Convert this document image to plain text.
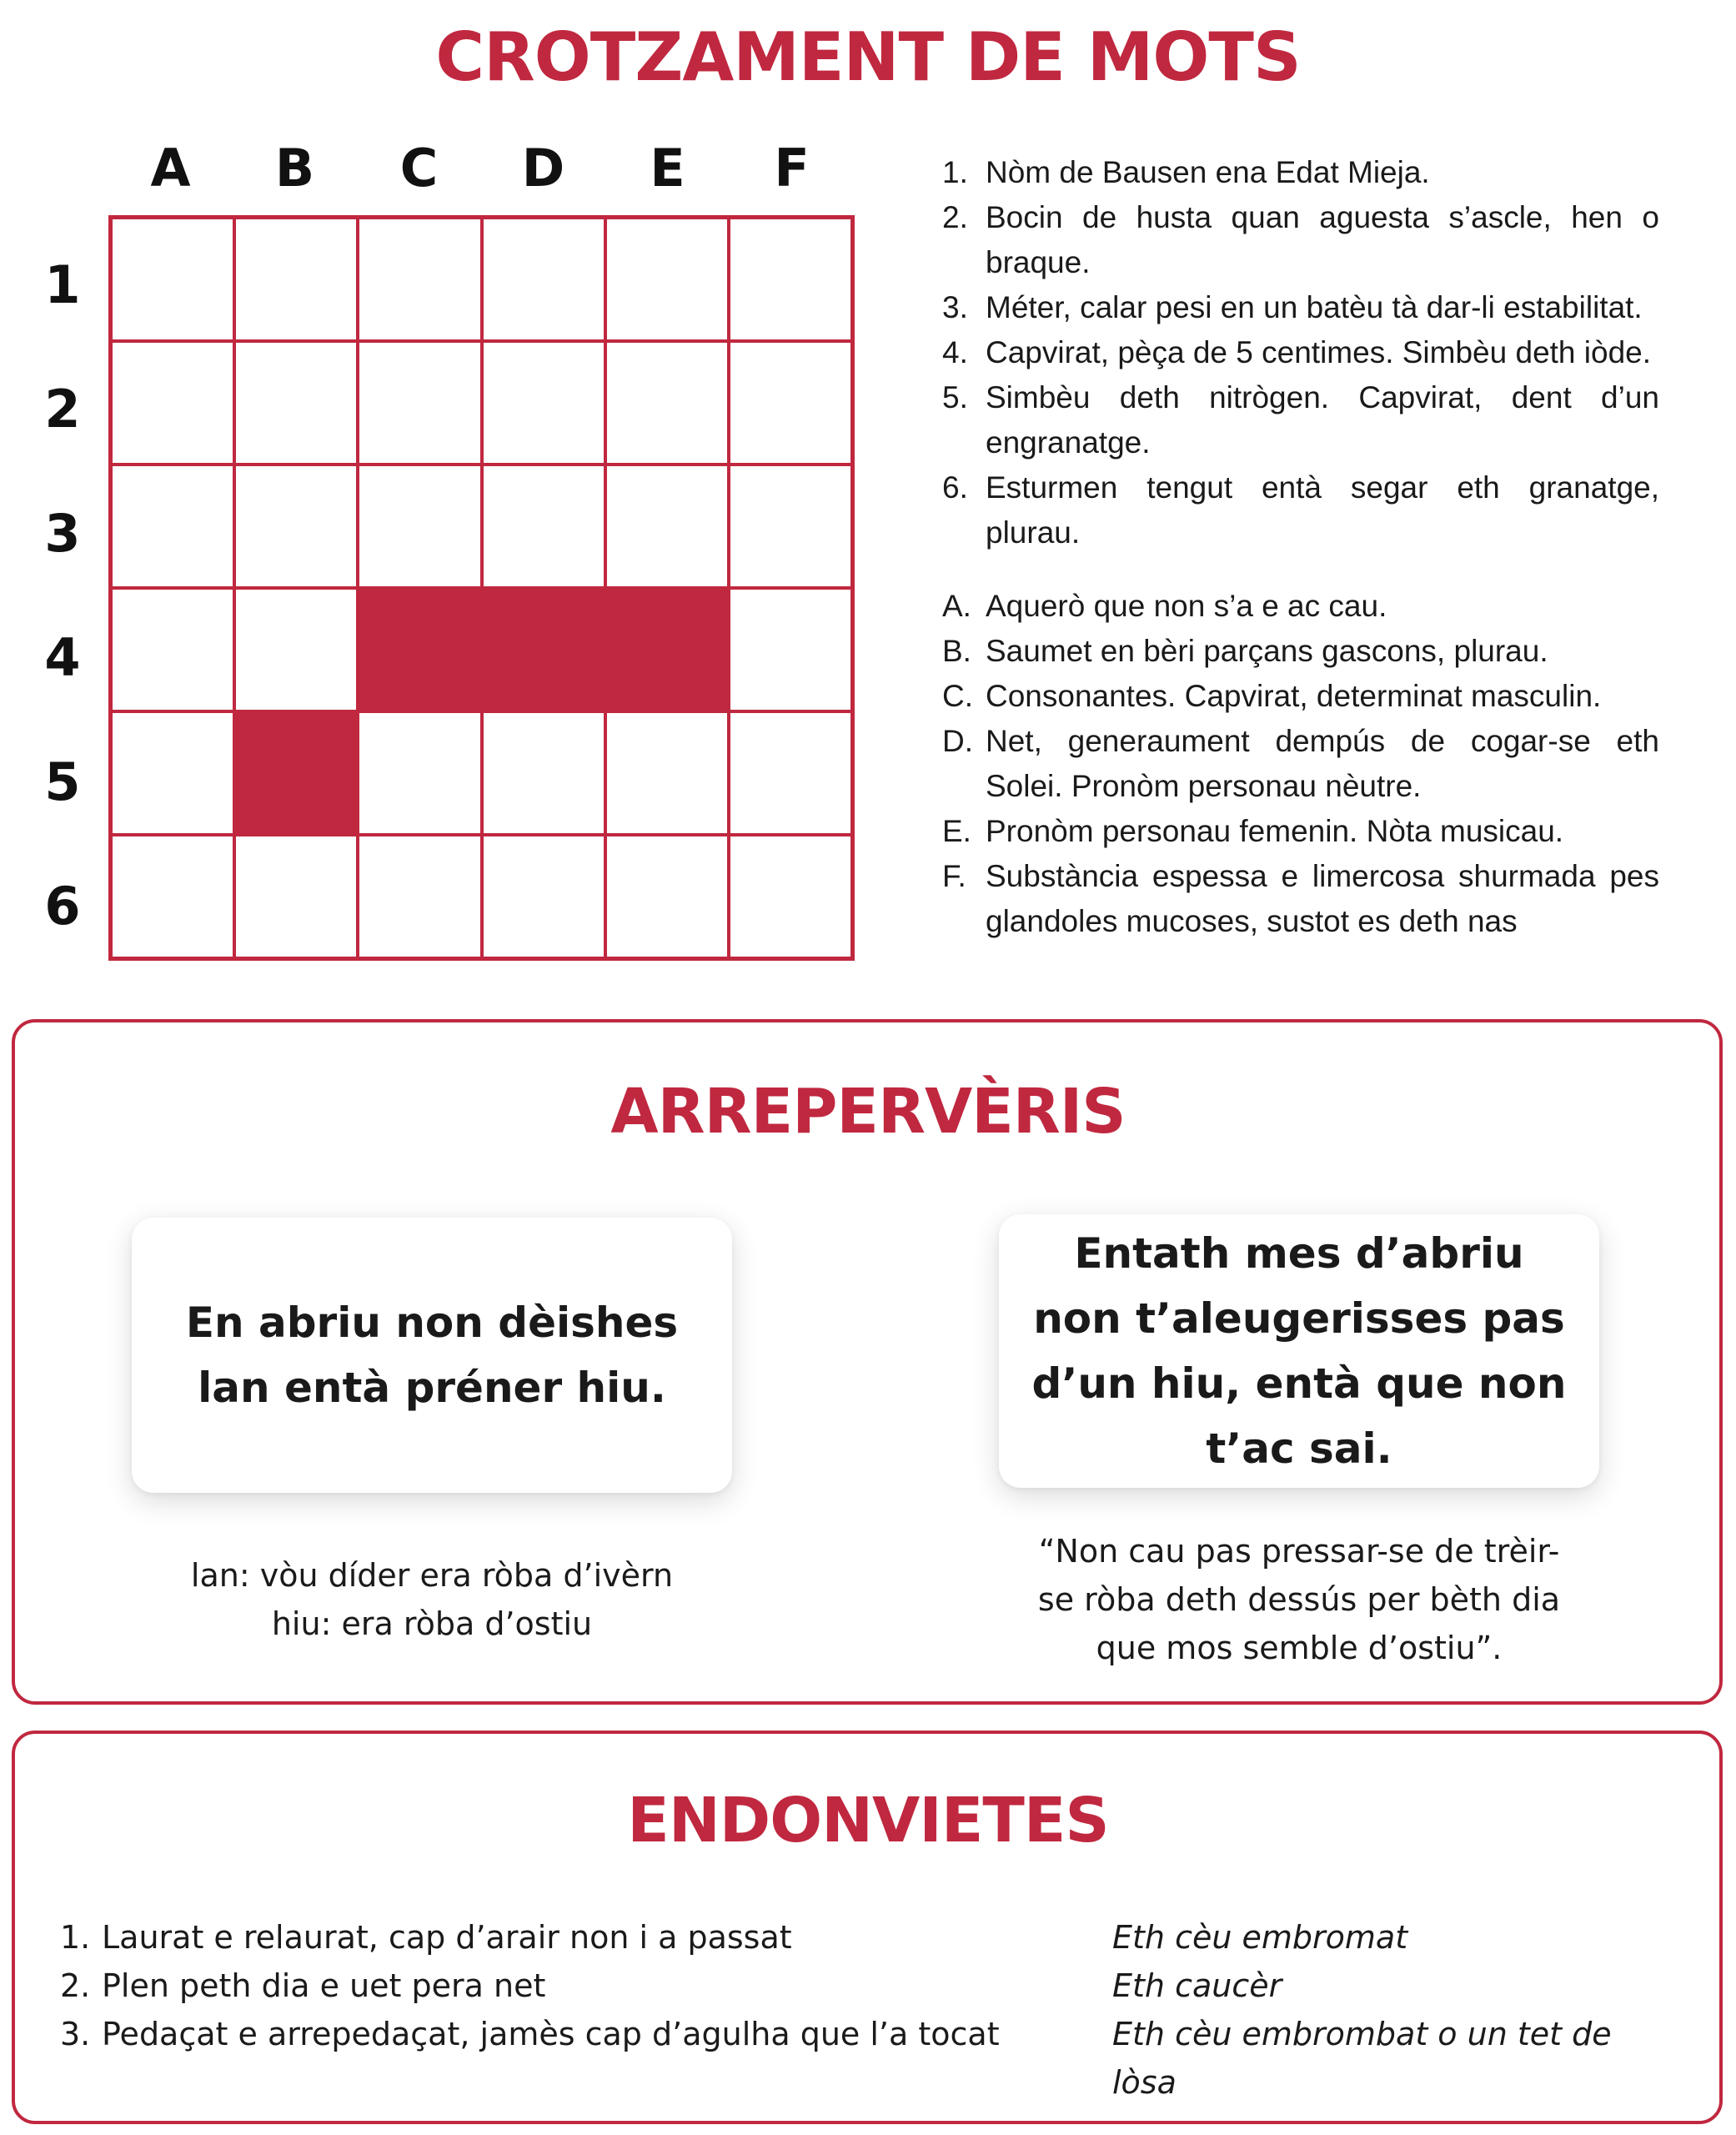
CROTZAMENT DE MOTS
A	B	C	D	E	F
1
2
3
4
5
6
1. Nòm de Bausen ena Edat Mieja.
2. Bocin de husta quan aguesta s’ascle, hen o braque.
3. Méter, calar pesi en un batèu tà dar-li estabilitat.
4. Capvirat, pèça de 5 centimes. Simbèu deth iòde.
5. Simbèu deth nitrògen. Capvirat, dent d’un engranatge.
6. Esturmen tengut entà segar eth granatge, plurau.
A. Aquerò que non s’a e ac cau.
B. Saumet en bèri parçans gascons, plurau.
C. Consonantes. Capvirat, determinat masculin.
D. Net, generaument dempús de cogar-se eth Solei. Pronòm personau nèutre.
E. Pronòm personau femenin. Nòta musicau.
F. Substància espessa e limercosa shurmada pes glandoles mucoses, sustot es deth nas
ARREPERVÈRIS
En abriu non dèishes lan entà préner hiu.
Entath mes d’abriu non t’aleugerisses pas d’un hiu, entà que non t’ac sai.
lan: vòu díder era ròba d’ivèrn
hiu: era ròba d’ostiu
“Non cau pas pressar-se de trèir-
se ròba deth dessús per bèth dia
que mos semble d’ostiu”.
ENDONVIETES
1. Laurat e relaurat, cap d’arair non i a passat	Eth cèu embromat
2. Plen peth dia e uet pera net	Eth caucèr
3. Pedaçat e arrepedaçat, jamès cap d’agulha que l’a tocat	Eth cèu embrombat o un tet de lòsa
